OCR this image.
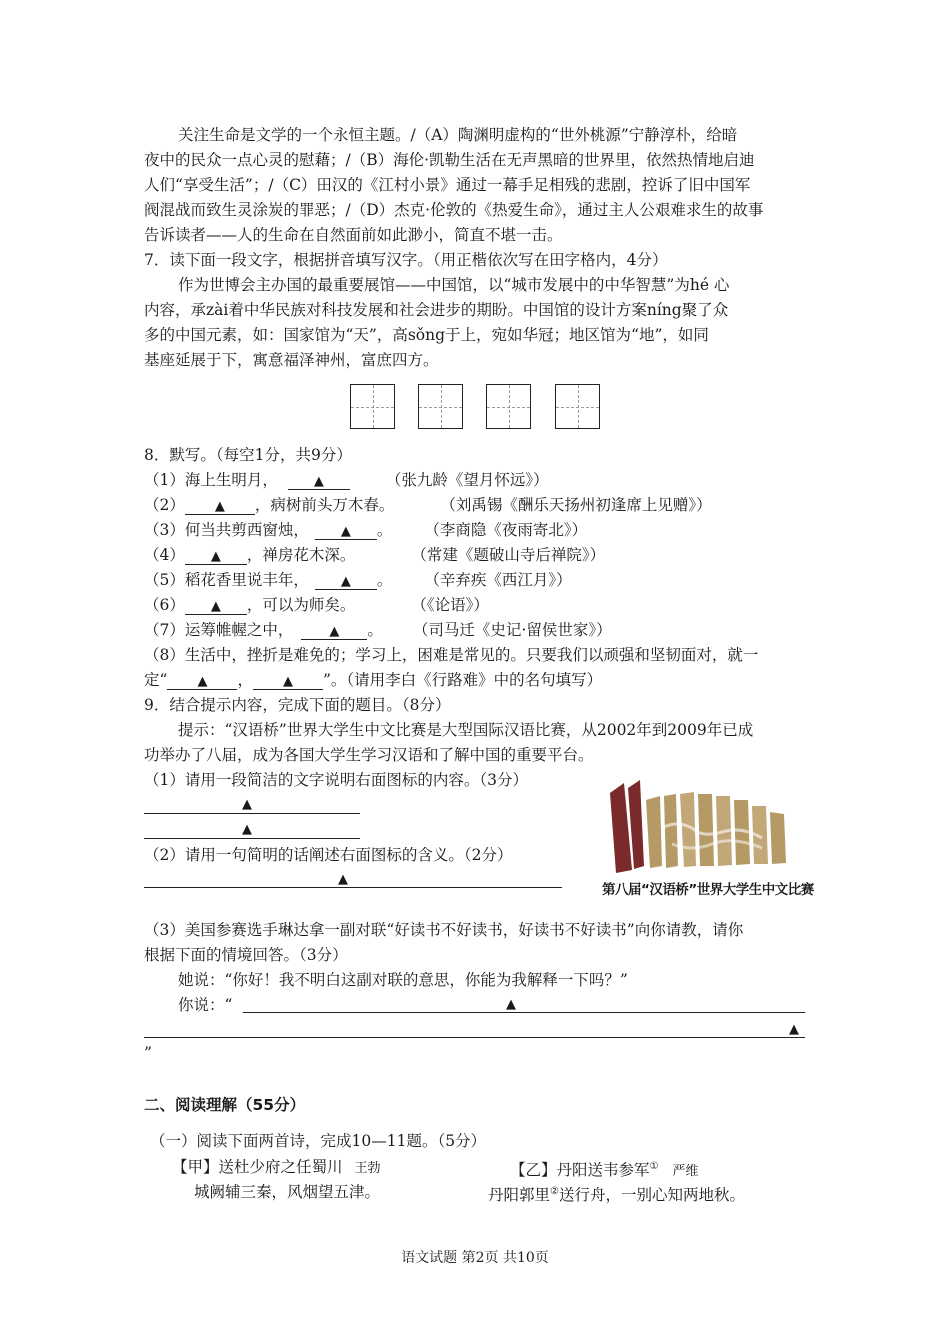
关注生命是文学的一个永恒主题。/（A）陶渊明虚构的“世外桃源”宁静淳朴，给暗
夜中的民众一点心灵的慰藉；/（B）海伦·凯勒生活在无声黑暗的世界里，依然热情地启迪
人们“享受生活”；/（C）田汉的《江村小景》通过一幕手足相残的悲剧，控诉了旧中国军
阀混战而致生灵涂炭的罪恶；/（D）杰克·伦敦的《热爱生命》，通过主人公艰难求生的故事
告诉读者——人的生命在自然面前如此渺小，简直不堪一击。
7．读下面一段文字，根据拼音填写汉字。（用正楷依次写在田字格内，4分）
作为世博会主办国的最重要展馆——中国馆，以“城市发展中的中华智慧”为hé 心
内容，承zài着中华民族对科技发展和社会进步的期盼。中国馆的设计方案níng聚了众
多的中国元素，如：国家馆为“天”，高sǒng于上，宛如华冠；地区馆为“地”，如同
基座延展于下，寓意福泽神州，富庶四方。
8．默写。（每空1分，共9分）
（1）海上生明月，	▲	（张九龄《望月怀远》）
（2） ▲ ，病树前头万木春。	（刘禹锡《酬乐天扬州初逢席上见赠》）
（3）何当共剪西窗烛， ▲ 。 （李商隐《夜雨寄北》）
（4） ▲ ，禅房花木深。	（常建《题破山寺后禅院》）
（5）稻花香里说丰年， ▲ 。 （辛弃疾《西江月》）
（6） ▲ ，可以为师矣。	（《论语》）
（7）运筹帷幄之中，	▲ 。 （司马迁《史记·留侯世家》）
（8）生活中，挫折是难免的；学习上，困难是常见的。只要我们以顽强和坚韧面对，就一
定“ ▲ ， ▲ ”。（请用李白《行路难》中的名句填写）
9．结合提示内容，完成下面的题目。（8分）
提示：“汉语桥”世界大学生中文比赛是大型国际汉语比赛，从2002年到2009年已成
功举办了八届，成为各国大学生学习汉语和了解中国的重要平台。
（1）请用一段简洁的文字说明右面图标的内容。（3分）
▲
▲
（2）请用一句简明的话阐述右面图标的含义。（2分）
▲
第八届“汉语桥”世界大学生中文比赛
（3）美国参赛选手琳达拿一副对联“好读书不好读书，好读书不好读书”向你请教，请你
根据下面的情境回答。（3分）
她说：“你好！我不明白这副对联的意思，你能为我解释一下吗？”
你说：“	▲
▲
”
二、阅读理解（55分）
（一）阅读下面两首诗，完成10—11题。（5分）
【甲】送杜少府之任蜀川 王勃
城阙辅三秦，风烟望五津。
【乙】丹阳送韦参军① 严维
丹阳郭里②送行舟，一别心知两地秋。
语文试题 第2页 共10页
